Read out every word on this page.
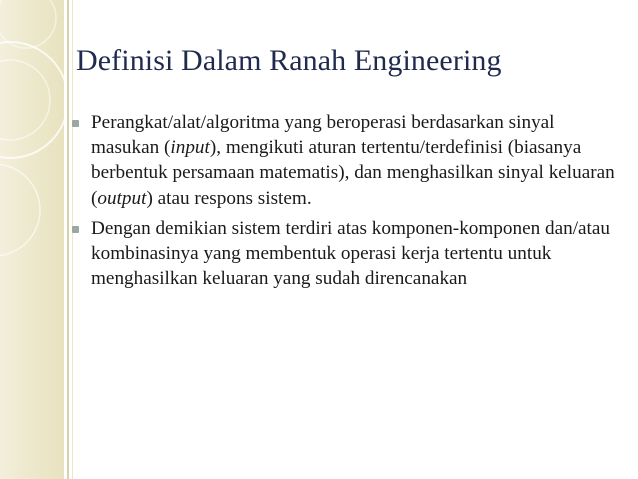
Definisi Dalam Ranah Engineering
Perangkat/alat/algoritma yang beroperasi berdasarkan sinyal masukan (input), mengikuti aturan tertentu/terdefinisi (biasanya berbentuk persamaan matematis), dan menghasilkan sinyal keluaran (output) atau respons sistem.
Dengan demikian sistem terdiri atas komponen-komponen dan/atau kombinasinya yang membentuk operasi kerja tertentu untuk menghasilkan keluaran yang sudah direncanakan
